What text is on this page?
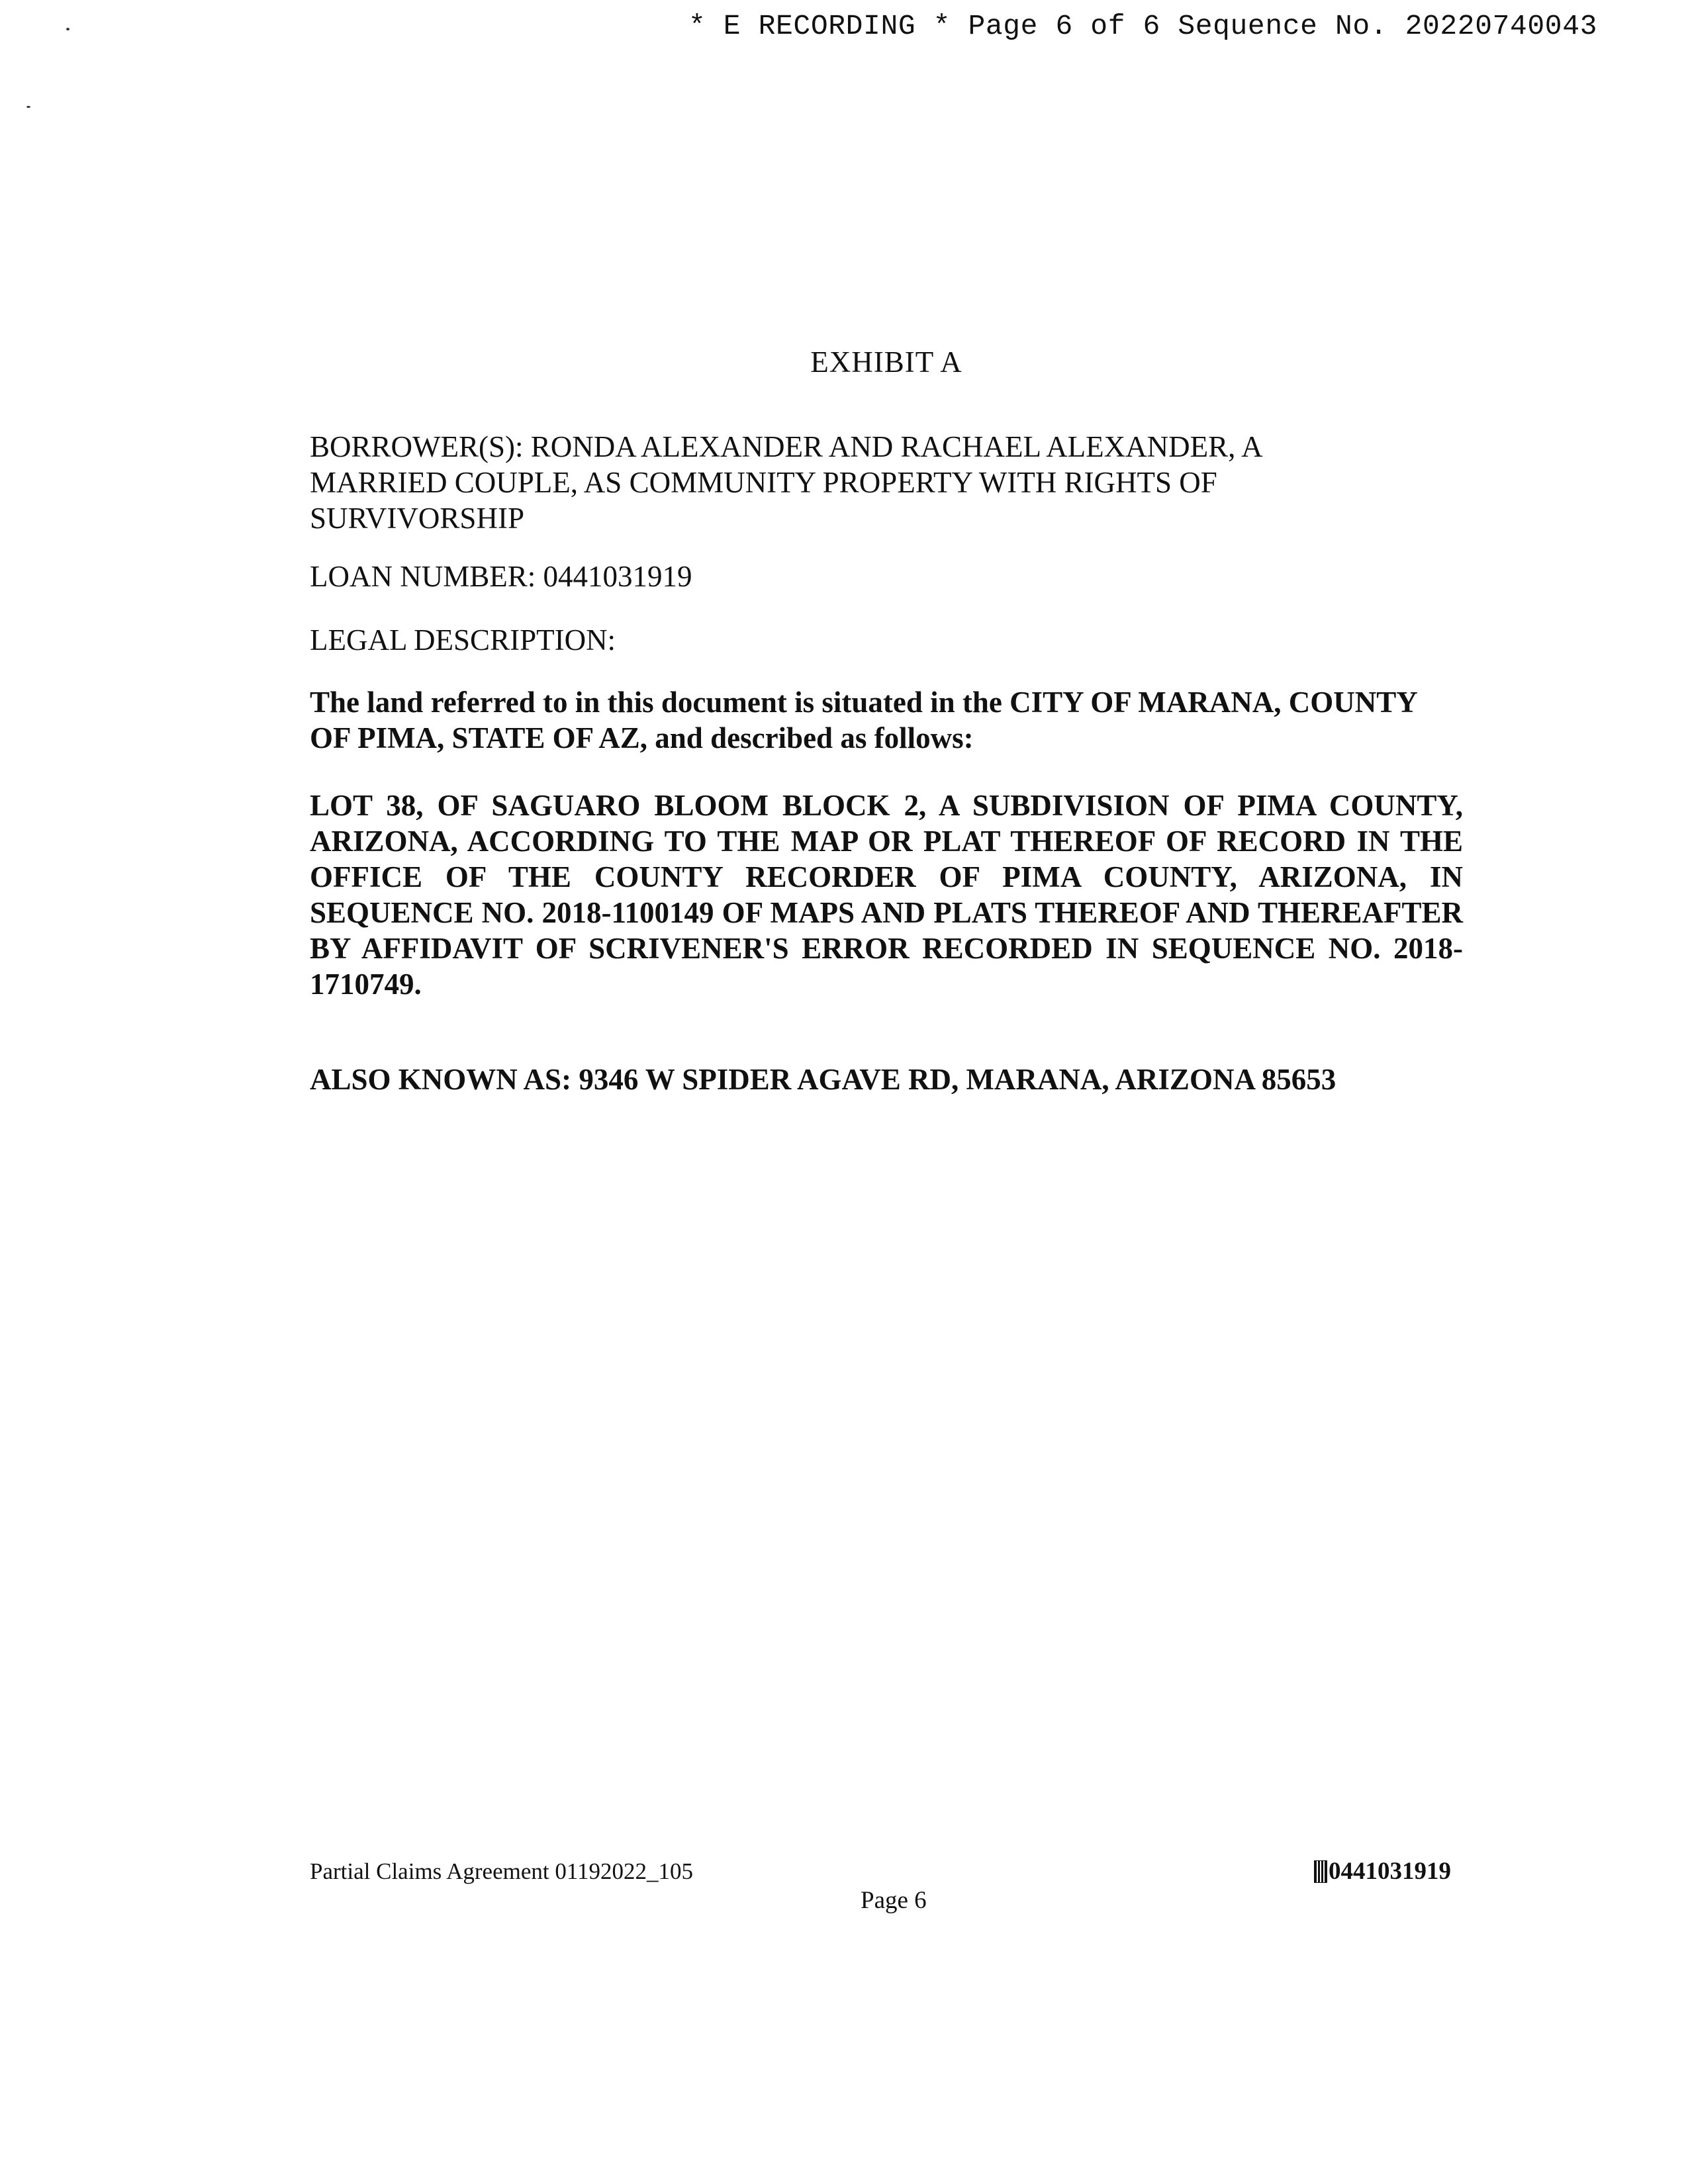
* E RECORDING * Page 6 of 6 Sequence No. 20220740043
EXHIBIT A
BORROWER(S): RONDA ALEXANDER AND RACHAEL ALEXANDER, A MARRIED COUPLE, AS COMMUNITY PROPERTY WITH RIGHTS OF SURVIVORSHIP
LOAN NUMBER: 0441031919
LEGAL DESCRIPTION:
The land referred to in this document is situated in the CITY OF MARANA, COUNTY OF PIMA, STATE OF AZ, and described as follows:
LOT 38, OF SAGUARO BLOOM BLOCK 2, A SUBDIVISION OF PIMA COUNTY, ARIZONA, ACCORDING TO THE MAP OR PLAT THEREOF OF RECORD IN THE OFFICE OF THE COUNTY RECORDER OF PIMA COUNTY, ARIZONA, IN SEQUENCE NO. 2018-1100149 OF MAPS AND PLATS THEREOF AND THEREAFTER BY AFFIDAVIT OF SCRIVENER'S ERROR RECORDED IN SEQUENCE NO. 2018-1710749.
ALSO KNOWN AS: 9346 W SPIDER AGAVE RD, MARANA, ARIZONA 85653
Partial Claims Agreement 01192022_105	0441031919
Page 6
